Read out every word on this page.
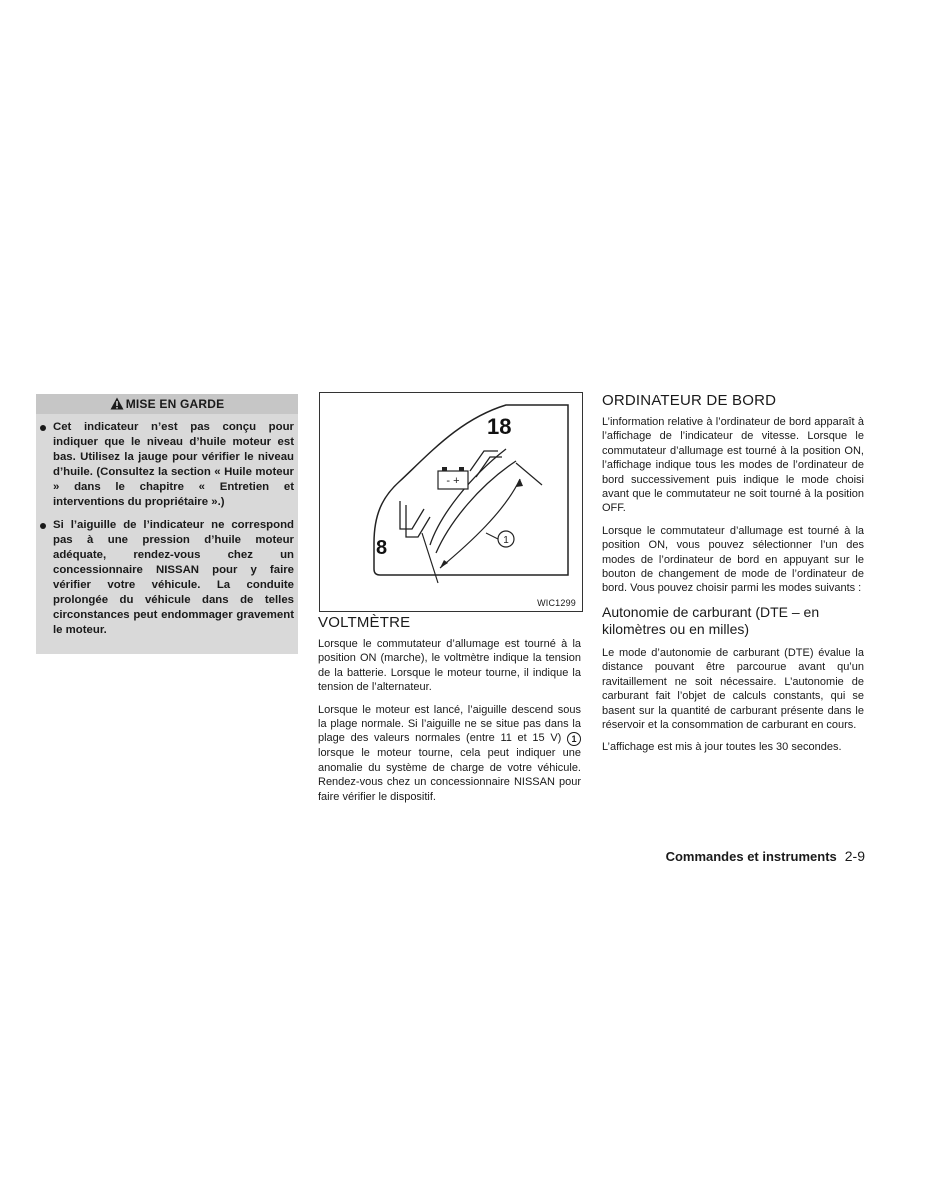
MISE EN GARDE
Cet indicateur n’est pas conçu pour indiquer que le niveau d’huile moteur est bas. Utilisez la jauge pour vérifier le niveau d’huile. (Consultez la section « Huile moteur » dans le chapitre « Entretien et interventions du propriétaire ».)
Si l’aiguille de l’indicateur ne correspond pas à une pression d’huile moteur adéquate, rendez-vous chez un concessionnaire NISSAN pour y faire vérifier votre véhicule. La conduite prolongée du véhicule dans de telles circonstances peut endommager gravement le moteur.
- +
18
8	1
WIC1299
VOLTMÈTRE

Lorsque le commutateur d’allumage est tourné à la position ON (marche), le voltmètre indique la tension de la batterie. Lorsque le moteur tourne, il indique la tension de l’alternateur.

Lorsque le moteur est lancé, l’aiguille descend sous la plage normale. Si l’aiguille ne se situe pas dans la plage des valeurs normales (entre 11 et 15 V) 1 lorsque le moteur tourne, cela peut indiquer une anomalie du système de charge de votre véhicule. Rendez-vous chez un concessionnaire NISSAN pour faire vérifier le dispositif.

ORDINATEUR DE BORD

L’information relative à l’ordinateur de bord apparaît à l’affichage de l’indicateur de vitesse. Lorsque le commutateur d’allumage est tourné à la position ON, l’affichage indique tous les modes de l’ordinateur de bord successivement puis indique le mode choisi avant que le commutateur ne soit tourné à la position OFF.

Lorsque le commutateur d’allumage est tourné à la position ON, vous pouvez sélectionner l’un des modes de l’ordinateur de bord en appuyant sur le bouton de changement de mode de l’ordinateur de bord. Vous pouvez choisir parmi les modes suivants :

Autonomie de carburant (DTE – en kilomètres ou en milles)

Le mode d’autonomie de carburant (DTE) évalue la distance pouvant être parcourue avant qu’un ravitaillement ne soit nécessaire. L’autonomie de carburant fait l’objet de calculs constants, qui se basent sur la quantité de carburant présente dans le réservoir et la consommation de carburant en cours.

L’affichage est mis à jour toutes les 30 secondes.

Commandes et instruments 2-9
